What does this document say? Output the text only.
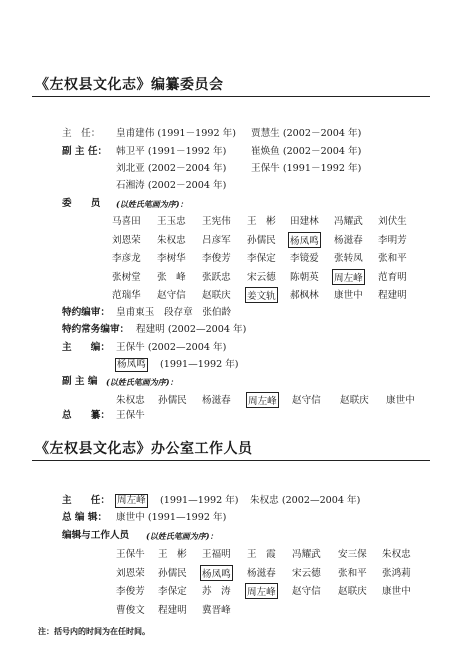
《左权县文化志》编纂委员会
主　任： 皇甫建伟 (1991－1992 年) 贾慧生 (2002－2004 年)
副 主 任： 韩卫平 (1991－1992 年)	崔焕鱼 (2002－2004 年)
刘北亚 (2002－2004 年)	王保牛 (1991－1992 年)
石湘涛 (2002－2004 年)
委　　员 (以姓氏笔画为序)：
马喜田 王玉忠 王宪伟 王　彬 田建林 冯耀武 刘伏生
刘恩荣 朱权忠 吕彦军 孙儒民 杨凤鸣 杨滋春 李明芳
李彦龙 李树华 李俊芳 李保定 李镜爱 张转凤 张和平
张树堂 张　峰 张跃忠 宋云德 陈朝英 周左峰 范育明
范瑞华 赵守信 赵联庆 姜文轨 郝枫林 康世中 程建明
特约编审： 皇甫東玉　段存章　张伯龄
特约常务编审： 程建明 (2002—2004 年)
主　　编： 王保牛 (2002—2004 年)
杨凤鸣 (1991—1992 年)
副 主 编 (以姓氏笔画为序)：
朱权忠 孙儒民 杨滋春 周左峰 赵守信 赵联庆 康世中
总　　纂： 王保牛
《左权县文化志》办公室工作人员
主　　任： 周左峰 (1991—1992 年) 朱权忠 (2002—2004 年)
总 编 辑： 康世中 (1991—1992 年)
编辑与工作人员 (以姓氏笔画为序)：
王保牛 王　彬 王福明 王　霞 冯耀武 安三保 朱权忠
刘恩荣 孙儒民 杨凤鸣 杨滋春 宋云德 张和平 张鸿莉
李俊芳 李保定 苏　涛 周左峰 赵守信 赵联庆 康世中
曹俊文 程建明 冀晋峰
注：括号内的时间为在任时间。
